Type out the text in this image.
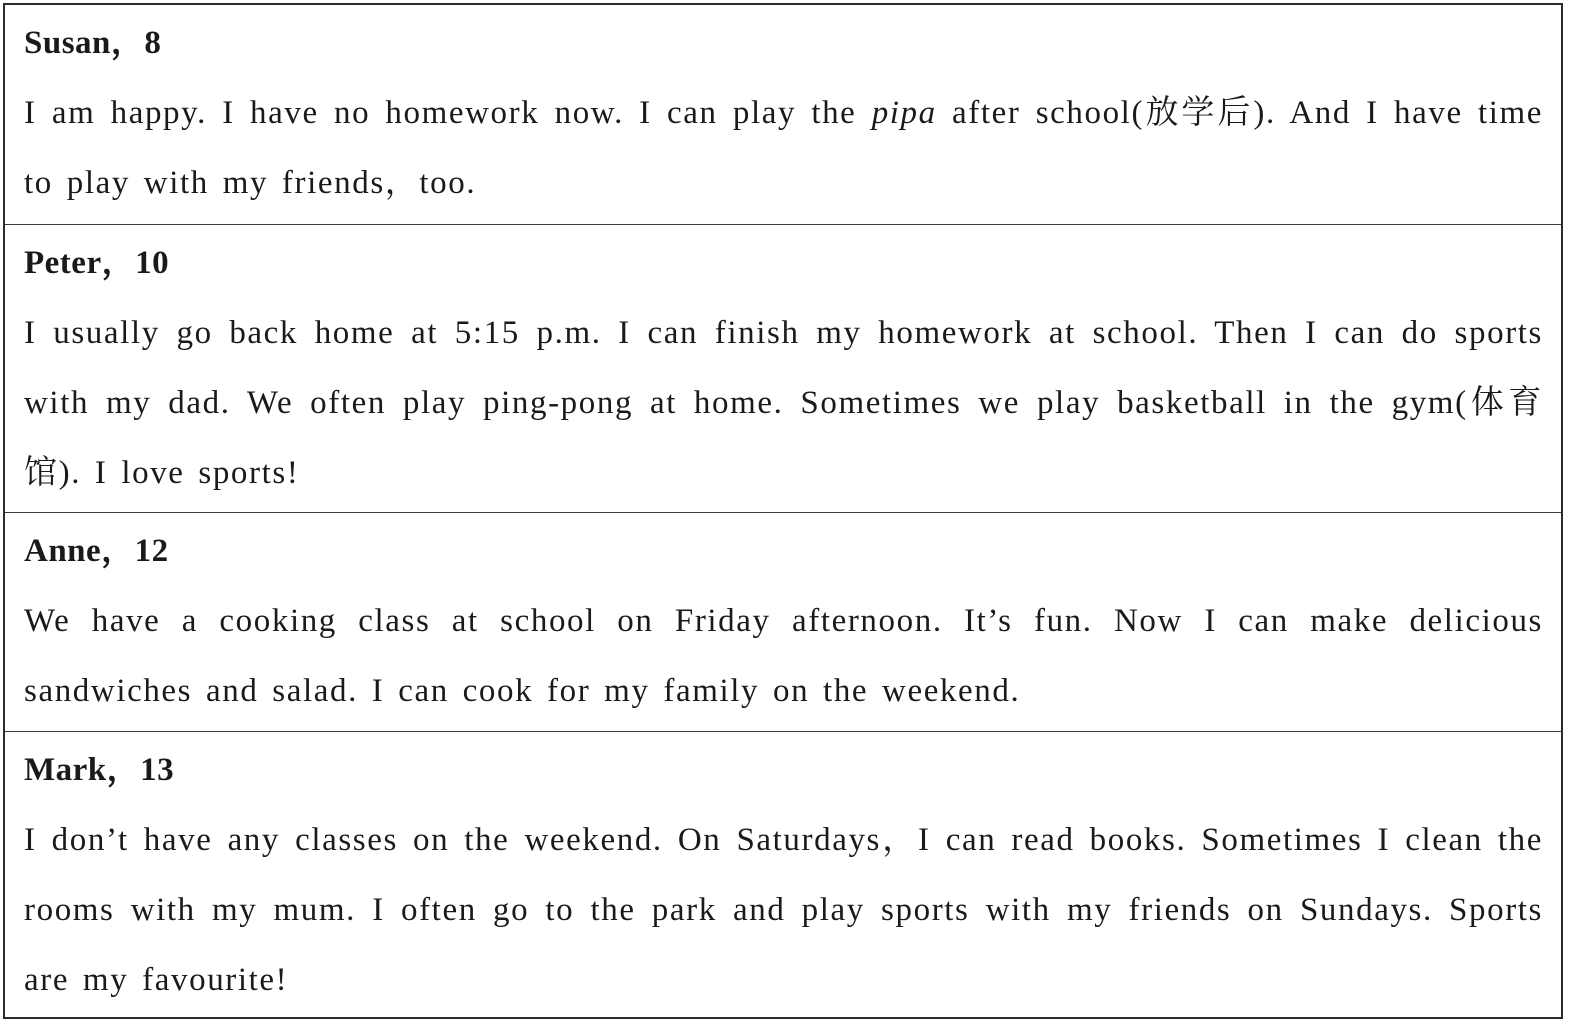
Susan，8
I am happy. I have no homework now. I can play the pipa after school(放学后). And I have time to play with my friends，too.
Peter，10
I usually go back home at 5:15 p.m. I can finish my homework at school. Then I can do sports with my dad. We often play ping-pong at home. Sometimes we play basketball in the gym(体育馆). I love sports!
Anne，12
We have a cooking class at school on Friday afternoon. It’s fun. Now I can make delicious sandwiches and salad. I can cook for my family on the weekend.
Mark，13
I don’t have any classes on the weekend. On Saturdays，I can read books. Sometimes I clean the rooms with my mum. I often go to the park and play sports with my friends on Sundays. Sports are my favourite!
